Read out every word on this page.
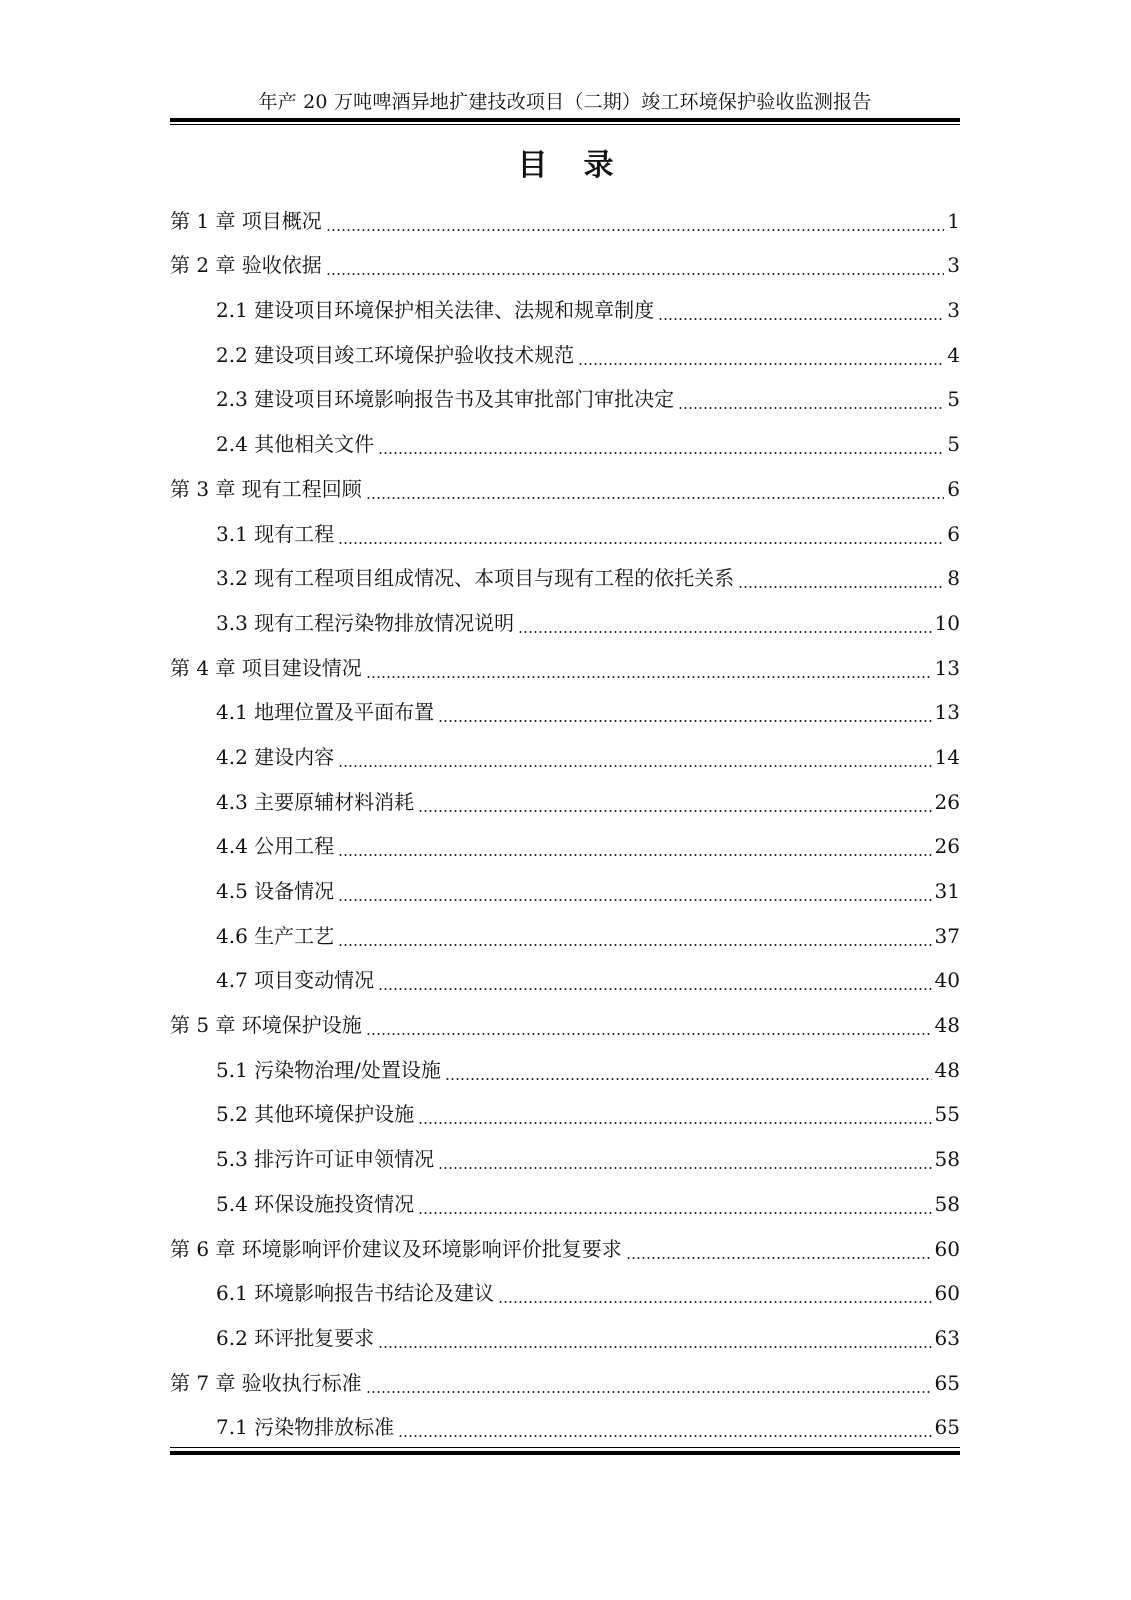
年产 20 万吨啤酒异地扩建技改项目（二期）竣工环境保护验收监测报告
目录
第 1 章 项目概况	1
第 2 章 验收依据	3
2.1 建设项目环境保护相关法律、法规和规章制度	3
2.2 建设项目竣工环境保护验收技术规范	4
2.3 建设项目环境影响报告书及其审批部门审批决定	5
2.4 其他相关文件	5
第 3 章 现有工程回顾	6
3.1 现有工程	6
3.2 现有工程项目组成情况、本项目与现有工程的依托关系	8
3.3 现有工程污染物排放情况说明	10
第 4 章 项目建设情况	13
4.1 地理位置及平面布置	13
4.2 建设内容	14
4.3 主要原辅材料消耗	26
4.4 公用工程	26
4.5 设备情况	31
4.6 生产工艺	37
4.7 项目变动情况	40
第 5 章 环境保护设施	48
5.1 污染物治理/处置设施	48
5.2 其他环境保护设施	55
5.3 排污许可证申领情况	58
5.4 环保设施投资情况	58
第 6 章 环境影响评价建议及环境影响评价批复要求	60
6.1 环境影响报告书结论及建议	60
6.2 环评批复要求	63
第 7 章 验收执行标准	65
7.1 污染物排放标准	65
